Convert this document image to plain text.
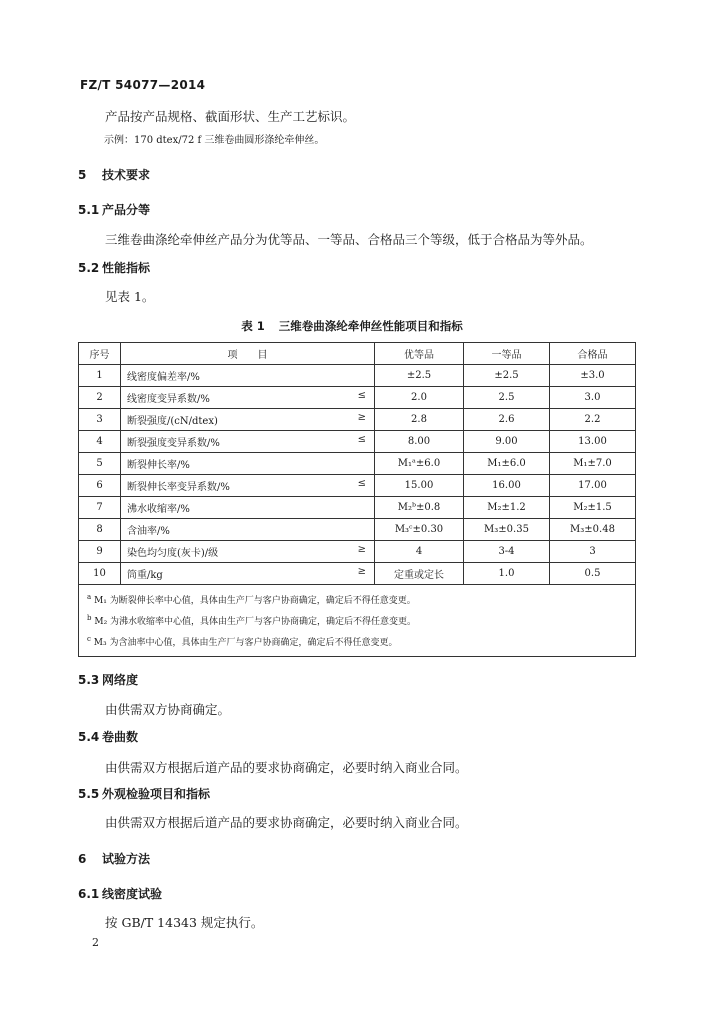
FZ/T 54077—2014
产品按产品规格、截面形状、生产工艺标识。
示例：170 dtex/72 f 三维卷曲圆形涤纶牵伸丝。
5 技术要求
5.1 产品分等
三维卷曲涤纶牵伸丝产品分为优等品、一等品、合格品三个等级，低于合格品为等外品。
5.2 性能指标
见表 1。
表 1 三维卷曲涤纶牵伸丝性能项目和指标
序号	项　　目	优等品	一等品	合格品
1	线密度偏差率/%	±2.5	±2.5	±3.0
2	线密度变异系数/% ≤	2.0	2.5	3.0
3	断裂强度/(cN/dtex) ≥	2.8	2.6	2.2
4	断裂强度变异系数/% ≤	8.00	9.00	13.00
5	断裂伸长率/%	M₁ᵃ±6.0	M₁±6.0	M₁±7.0
6	断裂伸长率变异系数/% ≤	15.00	16.00	17.00
7	沸水收缩率/%	M₂ᵇ±0.8	M₂±1.2	M₂±1.5
8	含油率/%	M₃ᶜ±0.30	M₃±0.35	M₃±0.48
9	染色均匀度(灰卡)/级 ≥	4	3-4	3
10	筒重/kg ≥	定重或定长	1.0	0.5

$^a$ M₁ 为断裂伸长率中心值，具体由生产厂与客户协商确定，确定后不得任意变更。
$^b$ M₂ 为沸水收缩率中心值，具体由生产厂与客户协商确定，确定后不得任意变更。
$^c$ M₃ 为含油率中心值，具体由生产厂与客户协商确定，确定后不得任意变更。				
5.3 网络度
由供需双方协商确定。
5.4 卷曲数
由供需双方根据后道产品的要求协商确定，必要时纳入商业合同。
5.5 外观检验项目和指标
由供需双方根据后道产品的要求协商确定，必要时纳入商业合同。
6 试验方法
6.1 线密度试验
按 GB/T 14343 规定执行。
2
